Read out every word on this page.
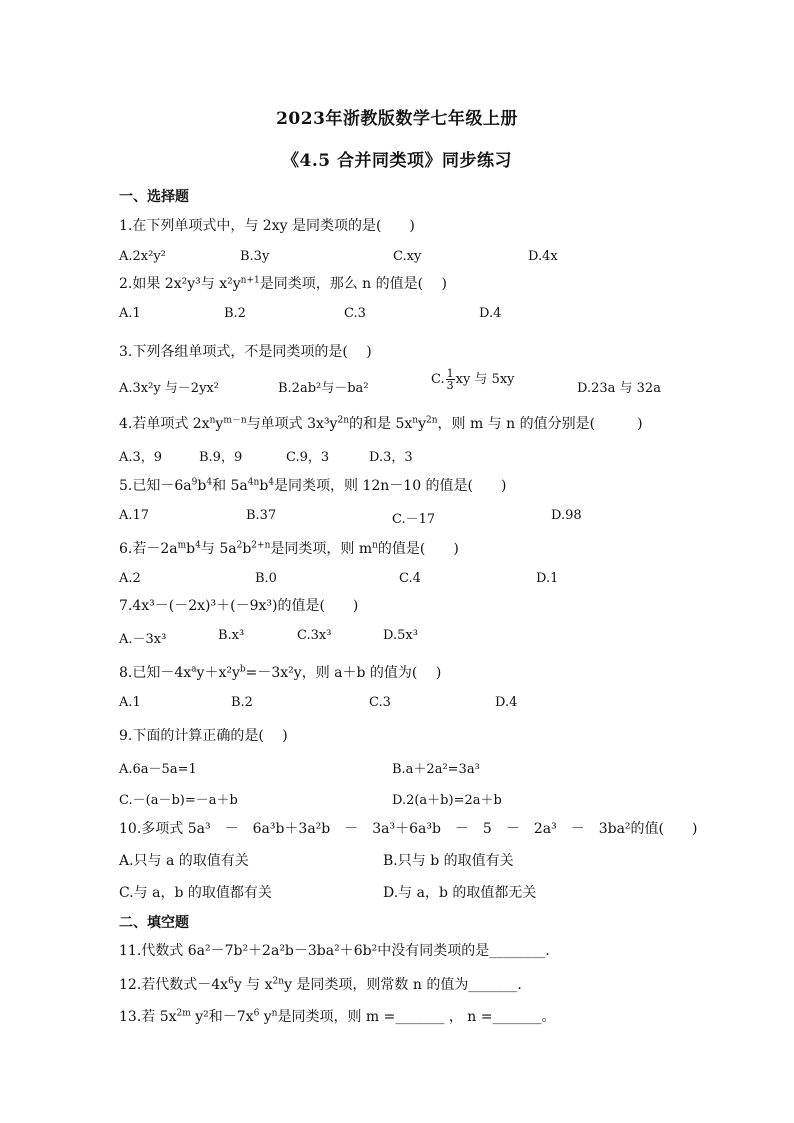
2023年浙教版数学七年级上册
《4.5 合并同类项》同步练习
一、选择题
1.在下列单项式中，与 2xy 是同类项的是(　　)
A.2x²y²	B.3y	C.xy	D.4x
2.如果 2x²y³与 $x^2y^{n+1}$是同类项，那么 n 的值是(　 )
A.1	B.2	C.3	D.4
3.下列各组单项式，不是同类项的是(　 )
A.3x²y 与－2yx²	B.2ab²与－ba²
C. $\frac{1}{3}$ xy 与 5xy
D.23a 与 32a
4.若单项式 $2x^ny^{m-n}$与单项式 $3x^3y^{2n}$的和是 $5x^ny^{2n}$，则 m 与 n 的值分别是(　　　)
A.3，9	B.9，9	C.9，3	D.3，3
5.已知$-6a^9b^4$和 $5a^{4n}b^4$是同类项，则 12n－10 的值是(　　)
A.17	B.37	C.－17	D.98
6.若$-2a^mb^4$与 $5a^2b^{2+n}$是同类项，则 $m^n$的值是(　　)
A.2	B.0	C.4	D.1
7.4x³－(－2x)³＋(－9x³)的值是(　　)
A.－3x³	B.x³	C.3x³	D.5x³
8.已知$-4x^ay+x^2y^b=-3x^2y$，则 a＋b 的值为(　 )
A.1	B.2	C.3	D.4
9.下面的计算正确的是(　 )
A.6a－5a=1	B.a＋2a²=3a³
C.－(a－b)=－a＋b	D.2(a＋b)=2a＋b
10.多项式 5a³　－　6a³b＋3a²b　－　3a³＋6a³b　－　5　－　2a³　－　3ba²的值(　　)
A.只与 a 的取值有关	B.只与 b 的取值有关
C.与 a，b 的取值都有关	D.与 a，b 的取值都无关
二、填空题
11.代数式 6a²－7b²＋2a²b－3ba²＋6b²中没有同类项的是________.
12.若代数式$-4x^6y$ 与 $x^{2n}y$ 是同类项，则常数 n 的值为_______.
13.若 $5x^{2m}$ y²和$-7x^6$ $y^n$是同类项，则 m =_______ ， n =_______。
